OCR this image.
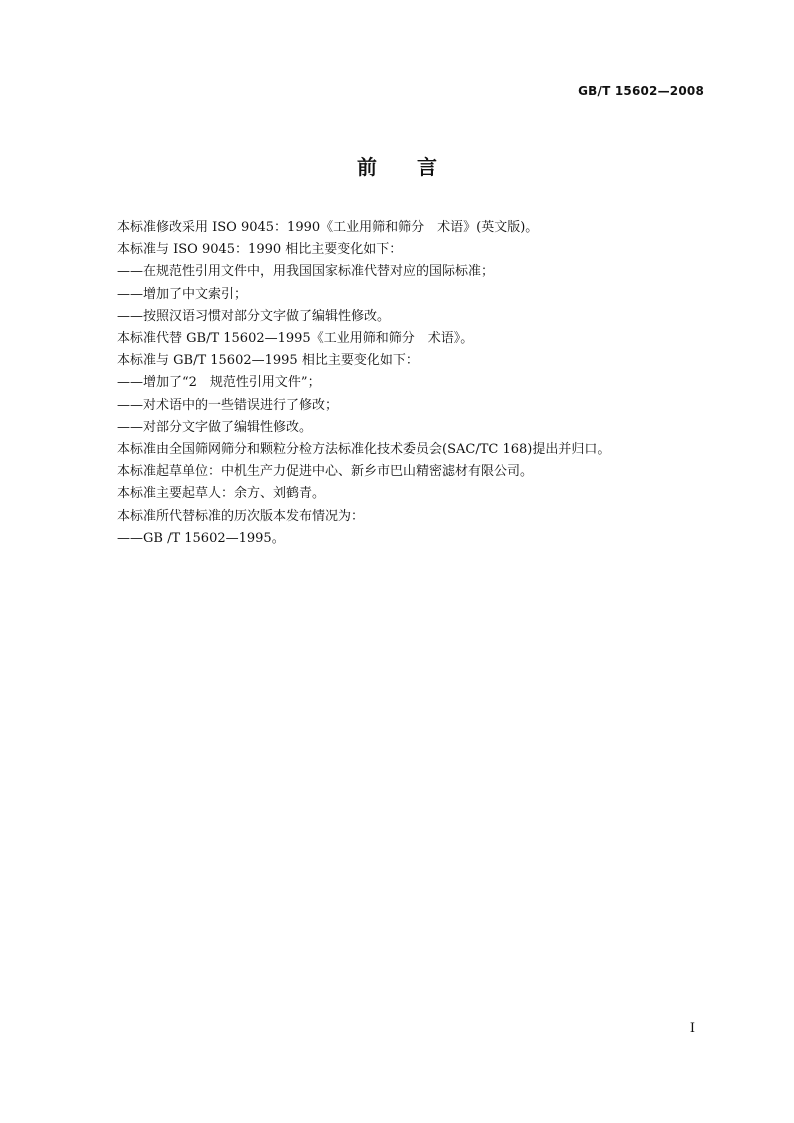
GB/T 15602—2008
前 言
本标准修改采用 ISO 9045：1990《工业用筛和筛分　术语》(英文版)。
本标准与 ISO 9045：1990 相比主要变化如下：
——在规范性引用文件中，用我国国家标准代替对应的国际标准；
——增加了中文索引；
——按照汉语习惯对部分文字做了编辑性修改。
本标准代替 GB/T 15602—1995《工业用筛和筛分　术语》。
本标准与 GB/T 15602—1995 相比主要变化如下：
——增加了“2　规范性引用文件”；
——对术语中的一些错误进行了修改；
——对部分文字做了编辑性修改。
本标准由全国筛网筛分和颗粒分检方法标准化技术委员会(SAC/TC 168)提出并归口。
本标准起草单位：中机生产力促进中心、新乡市巴山精密滤材有限公司。
本标准主要起草人：余方、刘鹤青。
本标准所代替标准的历次版本发布情况为：
——GB /T 15602—1995。
I
